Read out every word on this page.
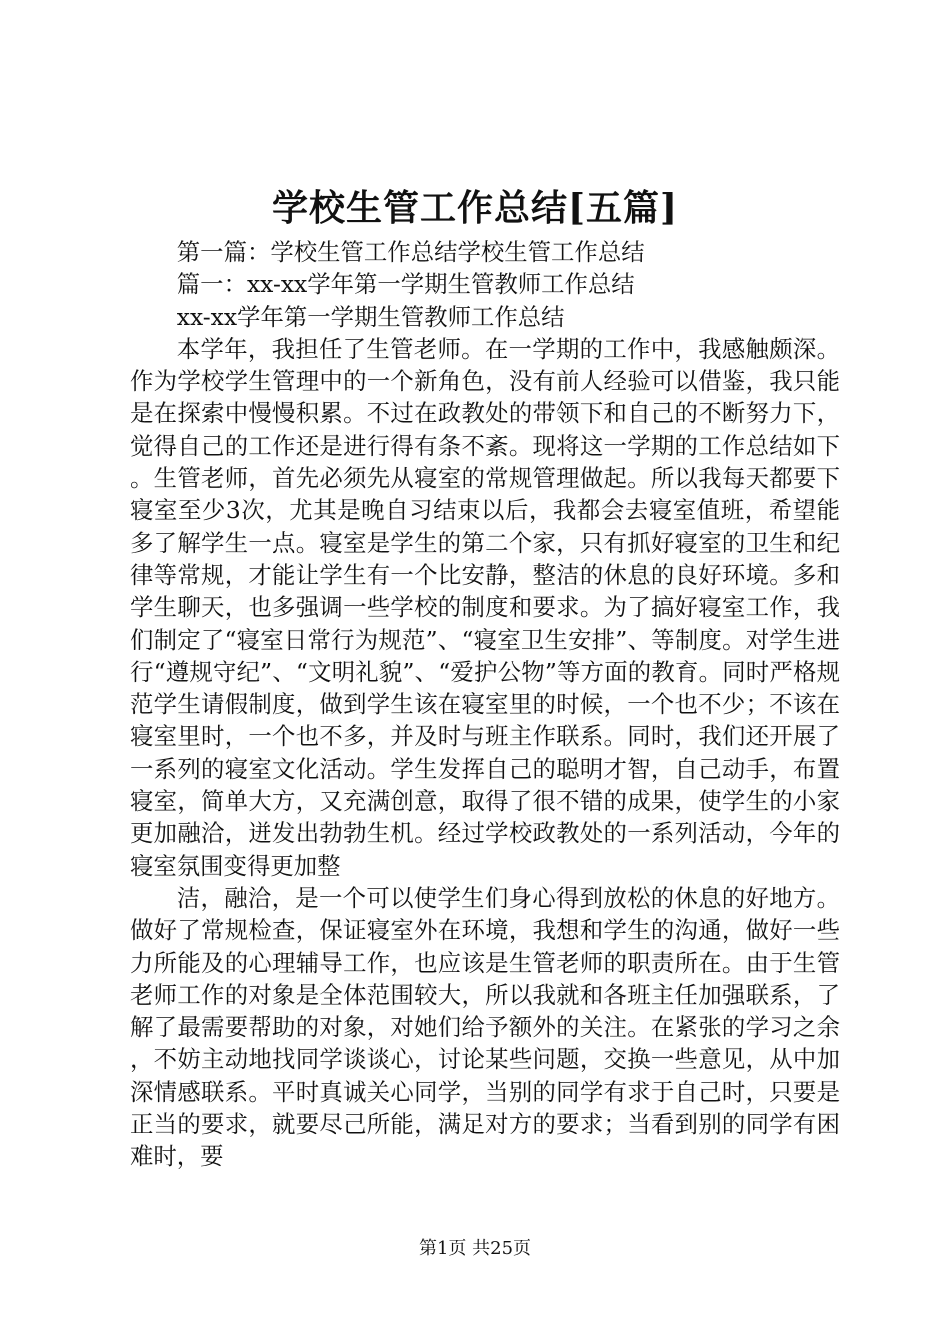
学校生管工作总结[五篇]

第一篇：学校生管工作总结学校生管工作总结

篇一：xx-xx学年第一学期生管教师工作总结

xx-xx学年第一学期生管教师工作总结

本学年，我担任了生管老师。在一学期的工作中，我感触颇深。作为学校学生管理中的一个新角色，没有前人经验可以借鉴，我只能是在探索中慢慢积累。不过在政教处的带领下和自己的不断努力下，觉得自己的工作还是进行得有条不紊。现将这一学期的工作总结如下。生管老师，首先必须先从寝室的常规管理做起。所以我每天都要下寝室至少3次，尤其是晚自习结束以后，我都会去寝室值班，希望能多了解学生一点。寝室是学生的第二个家，只有抓好寝室的卫生和纪律等常规，才能让学生有一个比安静，整洁的休息的良好环境。多和学生聊天，也多强调一些学校的制度和要求。为了搞好寝室工作，我们制定了“寝室日常行为规范”、“寝室卫生安排”、等制度。对学生进行“遵规守纪”、“文明礼貌”、“爱护公物”等方面的教育。同时严格规范学生请假制度，做到学生该在寝室里的时候，一个也不少；不该在寝室里时，一个也不多，并及时与班主作联系。同时，我们还开展了一系列的寝室文化活动。学生发挥自己的聪明才智，自己动手，布置寝室，简单大方，又充满创意，取得了很不错的成果，使学生的小家更加融洽，迸发出勃勃生机。经过学校政教处的一系列活动，今年的寝室氛围变得更加整

洁，融洽，是一个可以使学生们身心得到放松的休息的好地方。做好了常规检查，保证寝室外在环境，我想和学生的沟通，做好一些力所能及的心理辅导工作，也应该是生管老师的职责所在。由于生管老师工作的对象是全体范围较大，所以我就和各班主任加强联系，了解了最需要帮助的对象，对她们给予额外的关注。在紧张的学习之余，不妨主动地找同学谈谈心，讨论某些问题，交换一些意见，从中加深情感联系。平时真诚关心同学，当别的同学有求于自己时，只要是正当的要求，就要尽己所能，满足对方的要求；当看到别的同学有困难时，要

第1页 共25页
